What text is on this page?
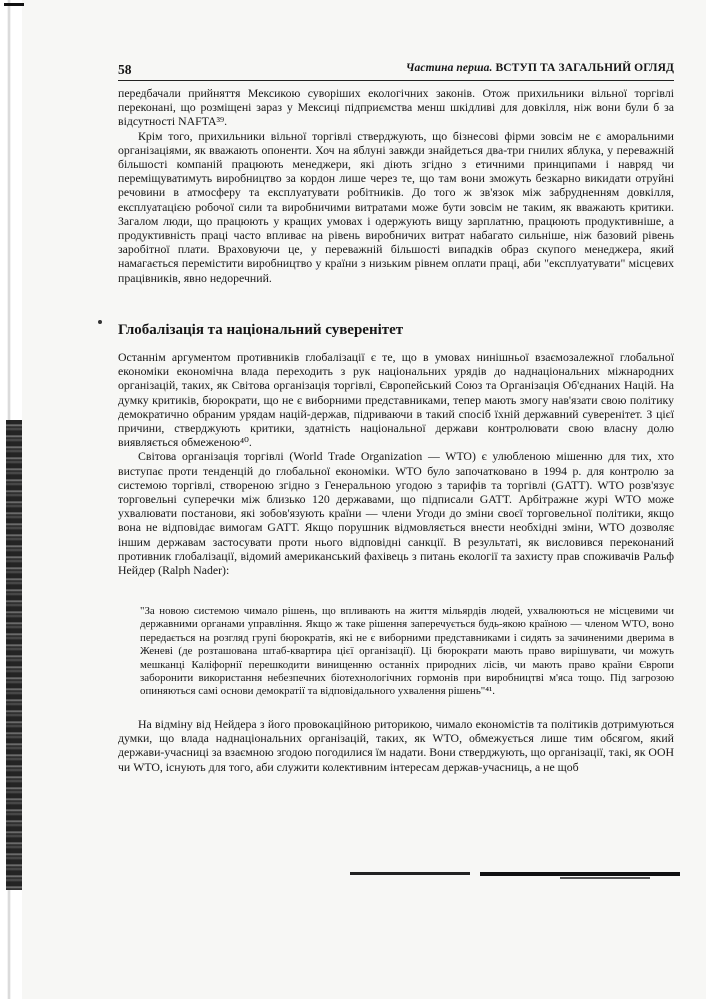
58	Частина перша. ВСТУП ТА ЗАГАЛЬНИЙ ОГЛЯД

передбачали прийняття Мексикою суворіших екологічних законів. Отож прихильники вільної торгівлі переконані, що розміщені зараз у Мексиці підприємства менш шкідливі для довкілля, ніж вони були б за відсутності NAFTA³⁹.

Крім того, прихильники вільної торгівлі стверджують, що бізнесові фірми зовсім не є аморальними організаціями, як вважають опоненти. Хоч на яблуні завжди знайдеться два-три гнилих яблука, у переважній більшості компаній працюють менеджери, які діють згідно з етичними принципами і навряд чи переміщуватимуть виробництво за кордон лише через те, що там вони зможуть безкарно викидати отруйні речовини в атмосферу та експлуатувати робітників. До того ж зв'язок між забрудненням довкілля, експлуатацією робочої сили та виробничими витратами може бути зовсім не таким, як вважають критики. Загалом люди, що працюють у кращих умовах і одержують вищу зарплатню, працюють продуктивніше, а продуктивність праці часто впливає на рівень виробничих витрат набагато сильніше, ніж базовий рівень заробітної плати. Враховуючи це, у переважній більшості випадків образ скупого менеджера, який намагається перемістити виробництво у країни з низьким рівнем оплати праці, аби "експлуатувати" місцевих працівників, явно недоречний.

Глобалізація та національний суверенітет

Останнім аргументом противників глобалізації є те, що в умовах нинішньої взаємозалежної глобальної економіки економічна влада переходить з рук національних урядів до наднаціональних міжнародних організацій, таких, як Світова організація торгівлі, Європейський Союз та Організація Об'єднаних Націй. На думку критиків, бюрократи, що не є виборними представниками, тепер мають змогу нав'язати свою політику демократично обраним урядам націй-держав, підриваючи в такий спосіб їхній державний суверенітет. З цієї причини, стверджують критики, здатність національної держави контролювати свою власну долю виявляється обмеженою⁴⁰.

Світова організація торгівлі (World Trade Organization — WTO) є улюбленою мішенню для тих, хто виступає проти тенденцій до глобальної економіки. WTO було започатковано в 1994 р. для контролю за системою торгівлі, створеною згідно з Генеральною угодою з тарифів та торгівлі (GATT). WTO розв'язує торговельні суперечки між близько 120 державами, що підписали GATT. Арбітражне журі WTO може ухвалювати постанови, які зобов'язують країни — члени Угоди до зміни своєї торговельної політики, якщо вона не відповідає вимогам GATT. Якщо порушник відмовляється внести необхідні зміни, WTO дозволяє іншим державам застосувати проти нього відповідні санкції. В результаті, як висловився переконаний противник глобалізації, відомий американський фахівець з питань екології та захисту прав споживачів Ральф Нейдер (Ralph Nader):

"За новою системою чимало рішень, що впливають на життя мільярдів людей, ухвалюються не місцевими чи державними органами управління. Якщо ж таке рішення заперечується будь-якою країною — членом WTO, воно передається на розгляд групі бюрократів, які не є виборними представниками і сидять за зачиненими дверима в Женеві (де розташована штаб-квартира цієї організації). Ці бюрократи мають право вирішувати, чи можуть мешканці Каліфорнії перешкодити винищенню останніх природних лісів, чи мають право країни Європи заборонити використання небезпечних біотехнологічних гормонів при виробництві м'яса тощо. Під загрозою опиняються самі основи демократії та відповідального ухвалення рішень"⁴¹.

На відміну від Нейдера з його провокаційною риторикою, чимало економістів та політиків дотримуються думки, що влада наднаціональних організацій, таких, як WTO, обмежується лише тим обсягом, який держави-учасниці за взаємною згодою погодилися їм надати. Вони стверджують, що організації, такі, як ООН чи WTO, існують для того, аби служити колективним інтересам держав-учасниць, а не щоб
